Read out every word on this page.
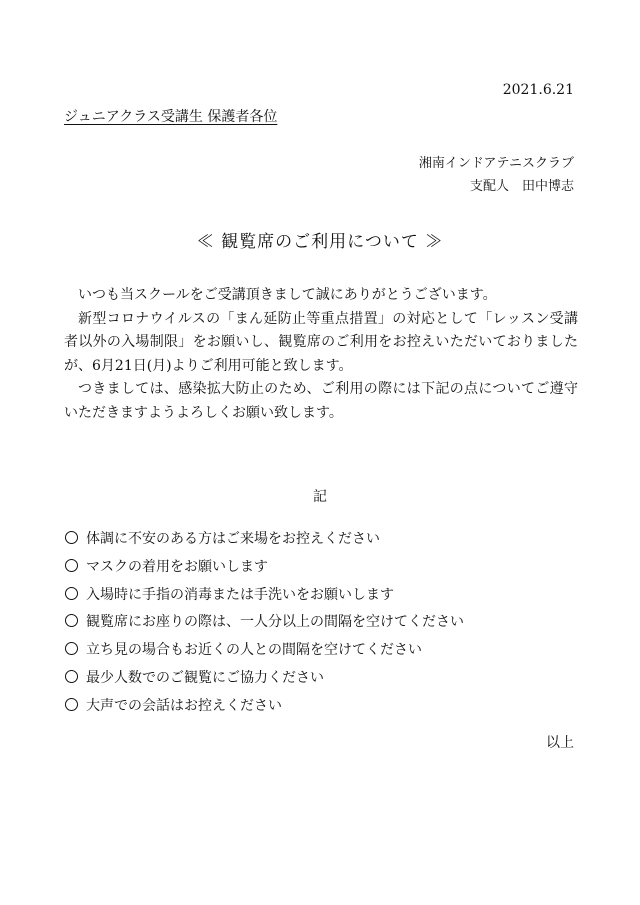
2021.6.21
ジュニアクラス受講生 保護者各位
湘南インドアテニスクラブ
支配人　田中博志
≪ 観覧席のご利用について ≫

いつも当スクールをご受講頂きまして誠にありがとうございます。

新型コロナウイルスの「まん延防止等重点措置」の対応として「レッスン受講者以外の入場制限」をお願いし、観覧席のご利用をお控えいただいておりましたが、6月21日(月)よりご利用可能と致します。

つきましては、感染拡大防止のため、ご利用の際には下記の点についてご遵守いただきますようよろしくお願い致します。

記
体調に不安のある方はご来場をお控えください
マスクの着用をお願いします
入場時に手指の消毒または手洗いをお願いします
観覧席にお座りの際は、一人分以上の間隔を空けてください
立ち見の場合もお近くの人との間隔を空けてください
最少人数でのご観覧にご協力ください
大声での会話はお控えください
以上
